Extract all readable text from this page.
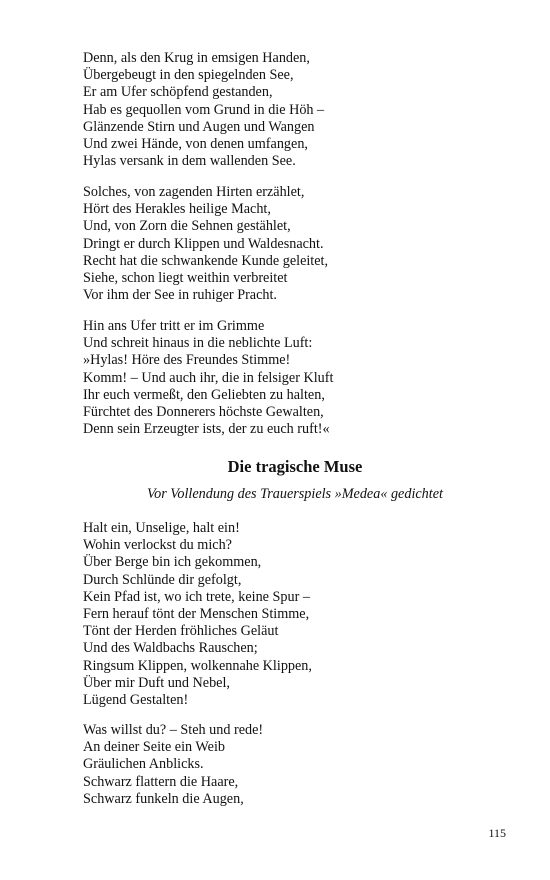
Denn, als den Krug in emsigen Handen,
Übergebeugt in den spiegelnden See,
Er am Ufer schöpfend gestanden,
Hab es gequollen vom Grund in die Höh –
Glänzende Stirn und Augen und Wangen
Und zwei Hände, von denen umfangen,
Hylas versank in dem wallenden See.
Solches, von zagenden Hirten erzählet,
Hört des Herakles heilige Macht,
Und, von Zorn die Sehnen gestählet,
Dringt er durch Klippen und Waldesnacht.
Recht hat die schwankende Kunde geleitet,
Siehe, schon liegt weithin verbreitet
Vor ihm der See in ruhiger Pracht.
Hin ans Ufer tritt er im Grimme
Und schreit hinaus in die neblichte Luft:
»Hylas! Höre des Freundes Stimme!
Komm! – Und auch ihr, die in felsiger Kluft
Ihr euch vermeßt, den Geliebten zu halten,
Fürchtet des Donnerers höchste Gewalten,
Denn sein Erzeugter ists, der zu euch ruft!«
Die tragische Muse

Vor Vollendung des Trauerspiels »Medea« gedichtet

Halt ein, Unselige, halt ein!
Wohin verlockst du mich?
Über Berge bin ich gekommen,
Durch Schlünde dir gefolgt,
Kein Pfad ist, wo ich trete, keine Spur –
Fern herauf tönt der Menschen Stimme,
Tönt der Herden fröhliches Geläut
Und des Waldbachs Rauschen;
Ringsum Klippen, wolkennahe Klippen,
Über mir Duft und Nebel,
Lügend Gestalten!
Was willst du? – Steh und rede!
An deiner Seite ein Weib
Gräulichen Anblicks.
Schwarz flattern die Haare,
Schwarz funkeln die Augen,
115
